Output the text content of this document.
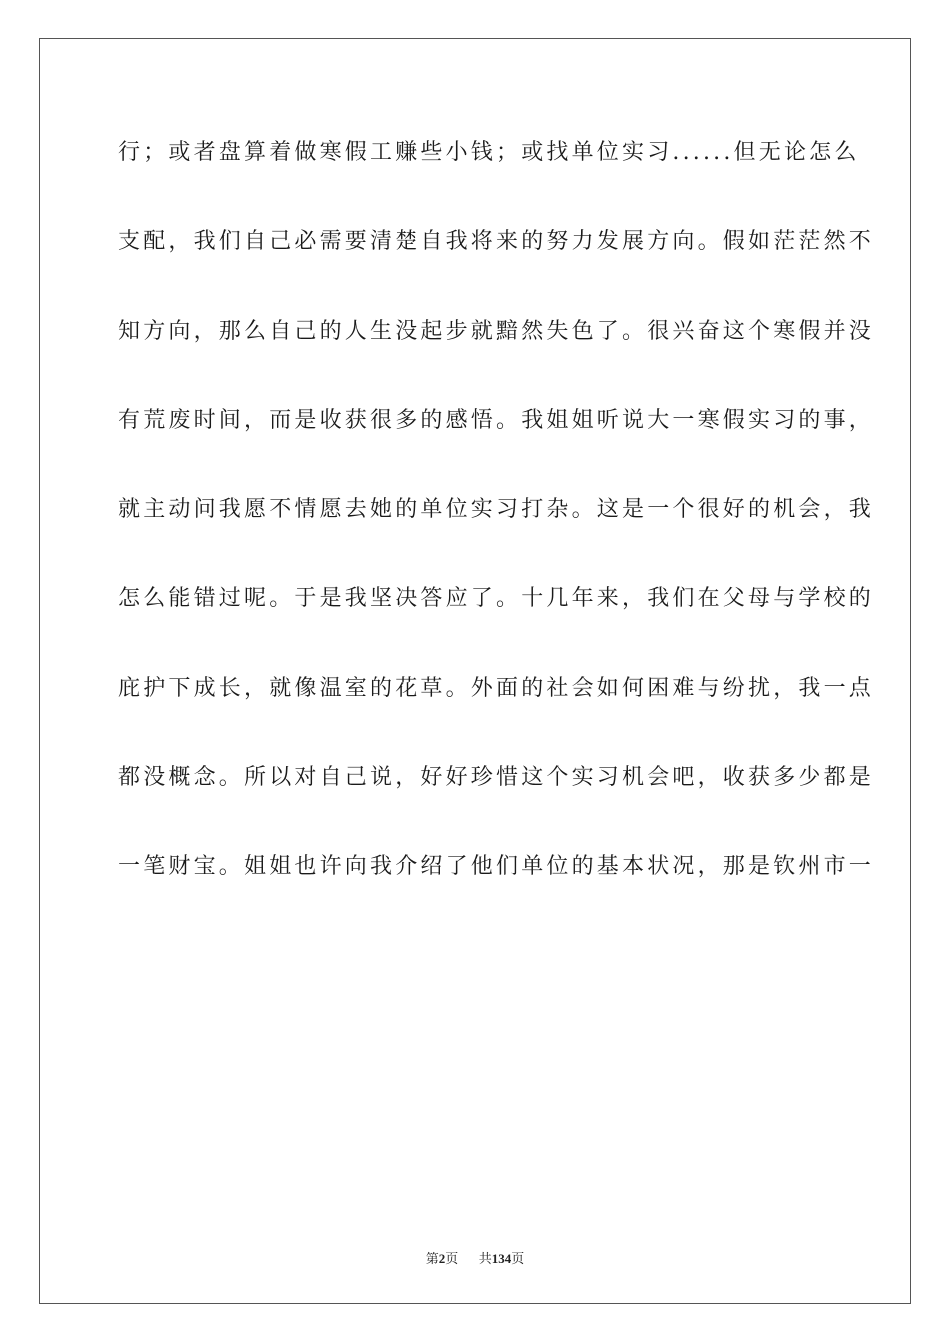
行；或者盘算着做寒假工赚些小钱；或找单位实习......但无论怎么
支配，我们自己必需要清楚自我将来的努力发展方向。假如茫茫然不
知方向，那么自己的人生没起步就黯然失色了。很兴奋这个寒假并没
有荒废时间，而是收获很多的感悟。我姐姐听说大一寒假实习的事，
就主动问我愿不情愿去她的单位实习打杂。这是一个很好的机会，我
怎么能错过呢。于是我坚决答应了。十几年来，我们在父母与学校的
庇护下成长，就像温室的花草。外面的社会如何困难与纷扰，我一点
都没概念。所以对自己说，好好珍惜这个实习机会吧，收获多少都是
一笔财宝。姐姐也许向我介绍了他们单位的基本状况，那是钦州市一
第2页 共134页
